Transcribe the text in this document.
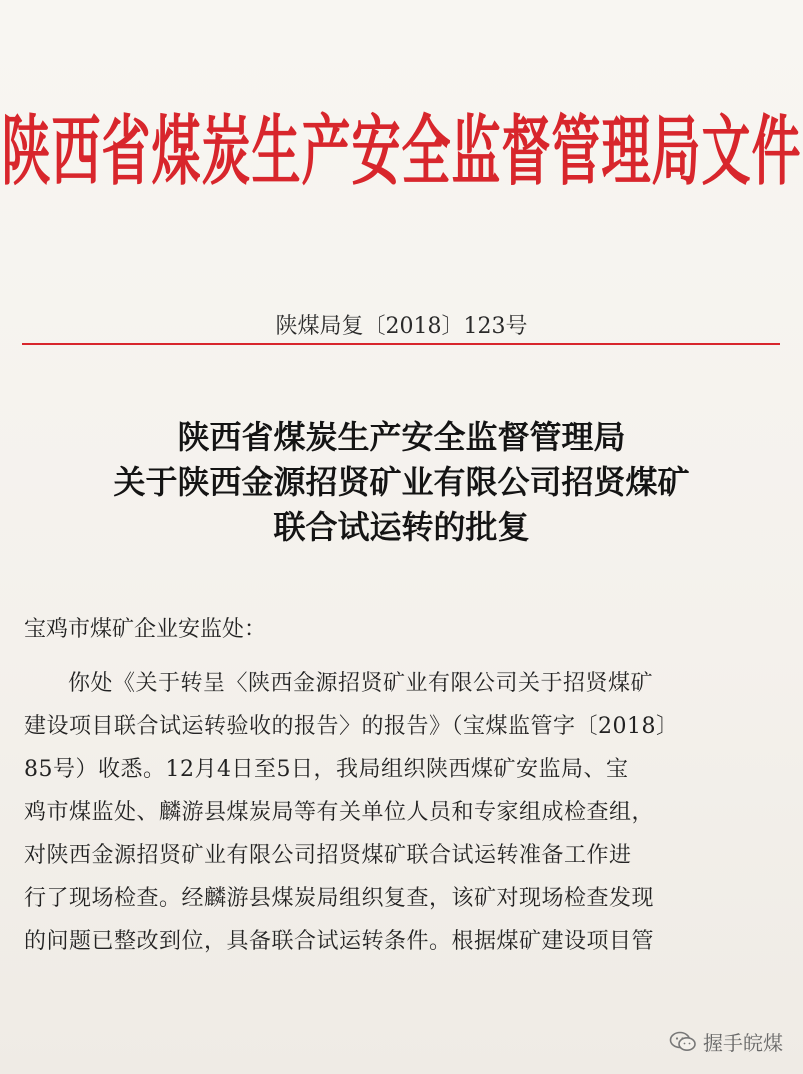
陕西省煤炭生产安全监督管理局文件
陕煤局复〔2018〕123号
陕西省煤炭生产安全监督管理局
关于陕西金源招贤矿业有限公司招贤煤矿
联合试运转的批复
宝鸡市煤矿企业安监处：
你处《关于转呈〈陕西金源招贤矿业有限公司关于招贤煤矿
建设项目联合试运转验收的报告〉的报告》（宝煤监管字〔2018〕
85号）收悉。12月4日至5日，我局组织陕西煤矿安监局、宝
鸡市煤监处、麟游县煤炭局等有关单位人员和专家组成检查组，
对陕西金源招贤矿业有限公司招贤煤矿联合试运转准备工作进
行了现场检查。经麟游县煤炭局组织复查，该矿对现场检查发现
的问题已整改到位，具备联合试运转条件。根据煤矿建设项目管
握手皖煤
